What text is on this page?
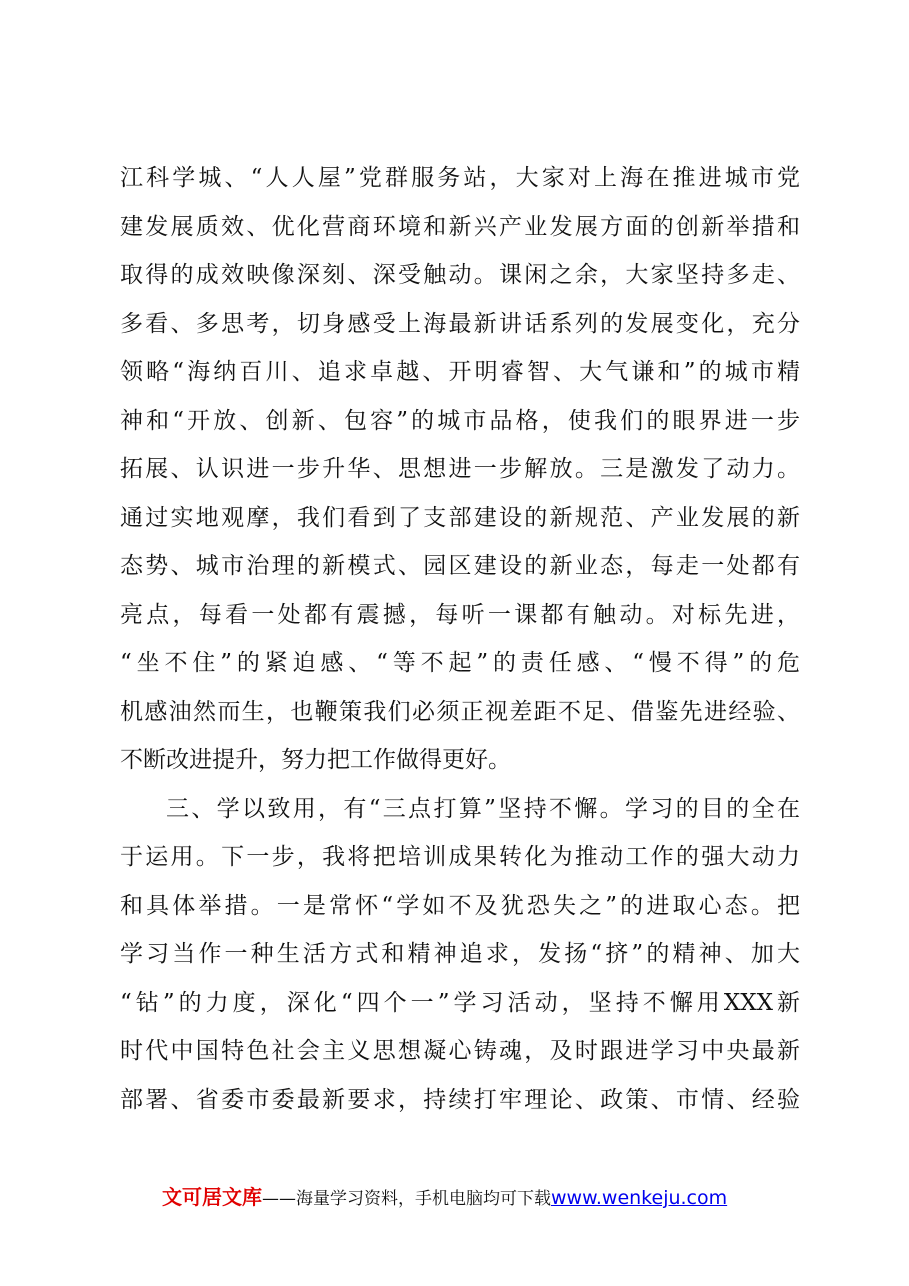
江科学城、“人人屋”党群服务站，大家对上海在推进城市党
建发展质效、优化营商环境和新兴产业发展方面的创新举措和
取得的成效映像深刻、深受触动。课闲之余，大家坚持多走、
多看、多思考，切身感受上海最新讲话系列的发展变化，充分
领略“海纳百川、追求卓越、开明睿智、大气谦和”的城市精
神和“开放、创新、包容”的城市品格，使我们的眼界进一步
拓展、认识进一步升华、思想进一步解放。三是激发了动力。
通过实地观摩，我们看到了支部建设的新规范、产业发展的新
态势、城市治理的新模式、园区建设的新业态，每走一处都有
亮点，每看一处都有震撼，每听一课都有触动。对标先进，
“坐不住”的紧迫感、“等不起”的责任感、“慢不得”的危
机感油然而生，也鞭策我们必须正视差距不足、借鉴先进经验、
不断改进提升，努力把工作做得更好。
三、学以致用，有“三点打算”坚持不懈。学习的目的全在
于运用。下一步，我将把培训成果转化为推动工作的强大动力
和具体举措。一是常怀“学如不及犹恐失之”的进取心态。把
学习当作一种生活方式和精神追求，发扬“挤”的精神、加大
“钻”的力度，深化“四个一”学习活动，坚持不懈用XXX新
时代中国特色社会主义思想凝心铸魂，及时跟进学习中央最新
部署、省委市委最新要求，持续打牢理论、政策、市情、经验
文可居文库——海量学习资料，手机电脑均可下载www.wenkeju.com
